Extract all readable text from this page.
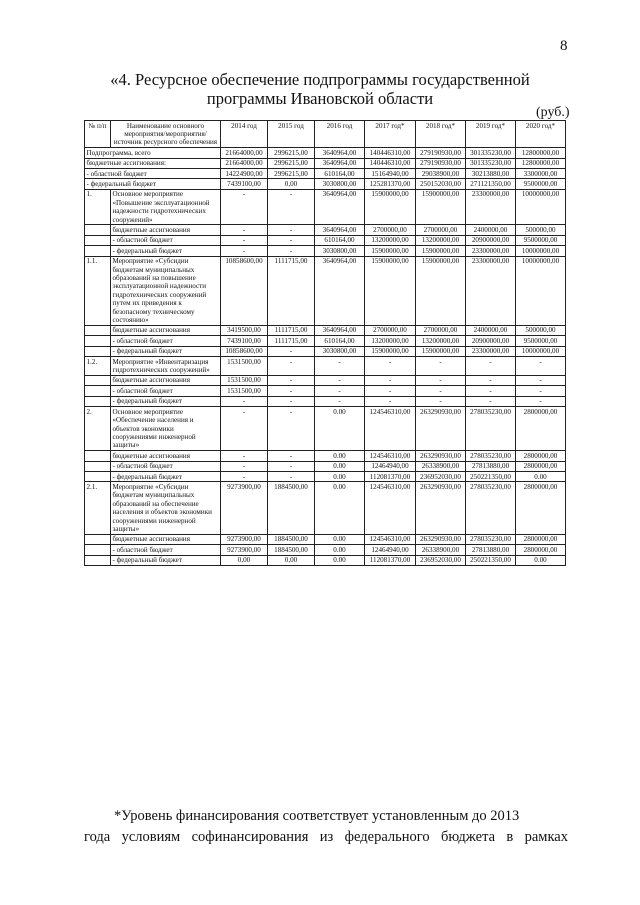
8
«4. Ресурсное обеспечение подпрограммы государственной
программы Ивановской области
(руб.)
№ п/п	Наименование основного мероприятия/мероприятия/ источник ресурсного обеспечения	2014 год	2015 год	2016 год	2017 год*	2018 год*	2019 год*	2020 год*
Подпрограмма, всего		21664000,00	2996215,00	3640964,00	140446310,00	279190930,00	301335230,00	12800000,00
бюджетные ассигнования:		21664000,00	2996215,00	3640964,00	140446310,00	279190930,00	301335230,00	12800000,00
- областной бюджет		14224900,00	2996215,00	610164,00	15164940,00	29038900,00	30213880,00	3300000,00
- федеральный бюджет		7439100,00	0,00	3030800,00	125281370,00	250152030,00	271121350,00	9500000,00
1.	Основное мероприятие «Повышение эксплуатационной надежности гидротехнических сооружений»	-	-	3640964,00	15900000,00	15900000,00	23300000,00	10000000,00
	бюджетные ассигнования	-	-	3640964,00	2700000,00	2700000,00	2400000,00	500000,00
	- областной бюджет	-	-	610164,00	13200000,00	13200000,00	20900000,00	9500000,00
	- федеральный бюджет	-	-	3030800,00	15900000,00	15900000,00	23300000,00	10000000,00
1.1.	Мероприятие «Субсидии бюджетам муниципальных образований на повышение эксплуатационной надежности гидротехнических сооружений путем их приведения к безопасному техническому состоянию»	10858600,00	1111715,00	3640964,00	15900000,00	15900000,00	23300000,00	10000000,00
	бюджетные ассигнования	3419500,00	1111715,00	3640964,00	2700000,00	2700000,00	2400000,00	500000,00
	- областной бюджет	7439100,00	1111715,00	610164,00	13200000,00	13200000,00	20900000,00	9500000,00
	- федеральный бюджет	10858600,00	-	3030800,00	15900000,00	15900000,00	23300000,00	10000000,00
1.2.	Мероприятие «Инвентаризация гидротехнических сооружений»	1531500,00	-	-	-	-	-	-
	бюджетные ассигнования	1531500,00	-	-	-	-	-	-
	- областной бюджет	1531500,00	-	-	-	-	-	-
	- федеральный бюджет	-	-	-	-	-	-	-
2.	Основное мероприятие «Обеспечение населения и объектов экономики сооружениями инженерной защиты»	-	-	0.00	124546310,00	263290930,00	278035230,00	2800000,00
	бюджетные ассигнования	-	-	0.00	124546310,00	263290930,00	278035230,00	2800000,00
	- областной бюджет	-	-	0.00	12464940,00	26338900,00	27813880,00	2800000,00
	- федеральный бюджет	-	-	0.00	112081370,00	236952030,00	250221350,00	0.00
2.1.	Мероприятие «Субсидии бюджетам муниципальных образований на обеспечение населения и объектов экономики сооружениями инженерной защиты»	9273900,00	1884500,00	0.00	124546310,00	263290930,00	278035230,00	2800000,00
	бюджетные ассигнования	9273900,00	1884500,00	0.00	124546310,00	263290930,00	278035230,00	2800000,00
	- областной бюджет	9273900,00	1884500,00	0.00	12464940,00	26338900,00	27813880,00	2800000,00
	- федеральный бюджет	0,00	0,00	0.00	112081370,00	236952030,00	250221350,00	0.00
*Уровень финансирования соответствует установленным до 2013
года условиям софинансирования из федерального бюджета в рамках
